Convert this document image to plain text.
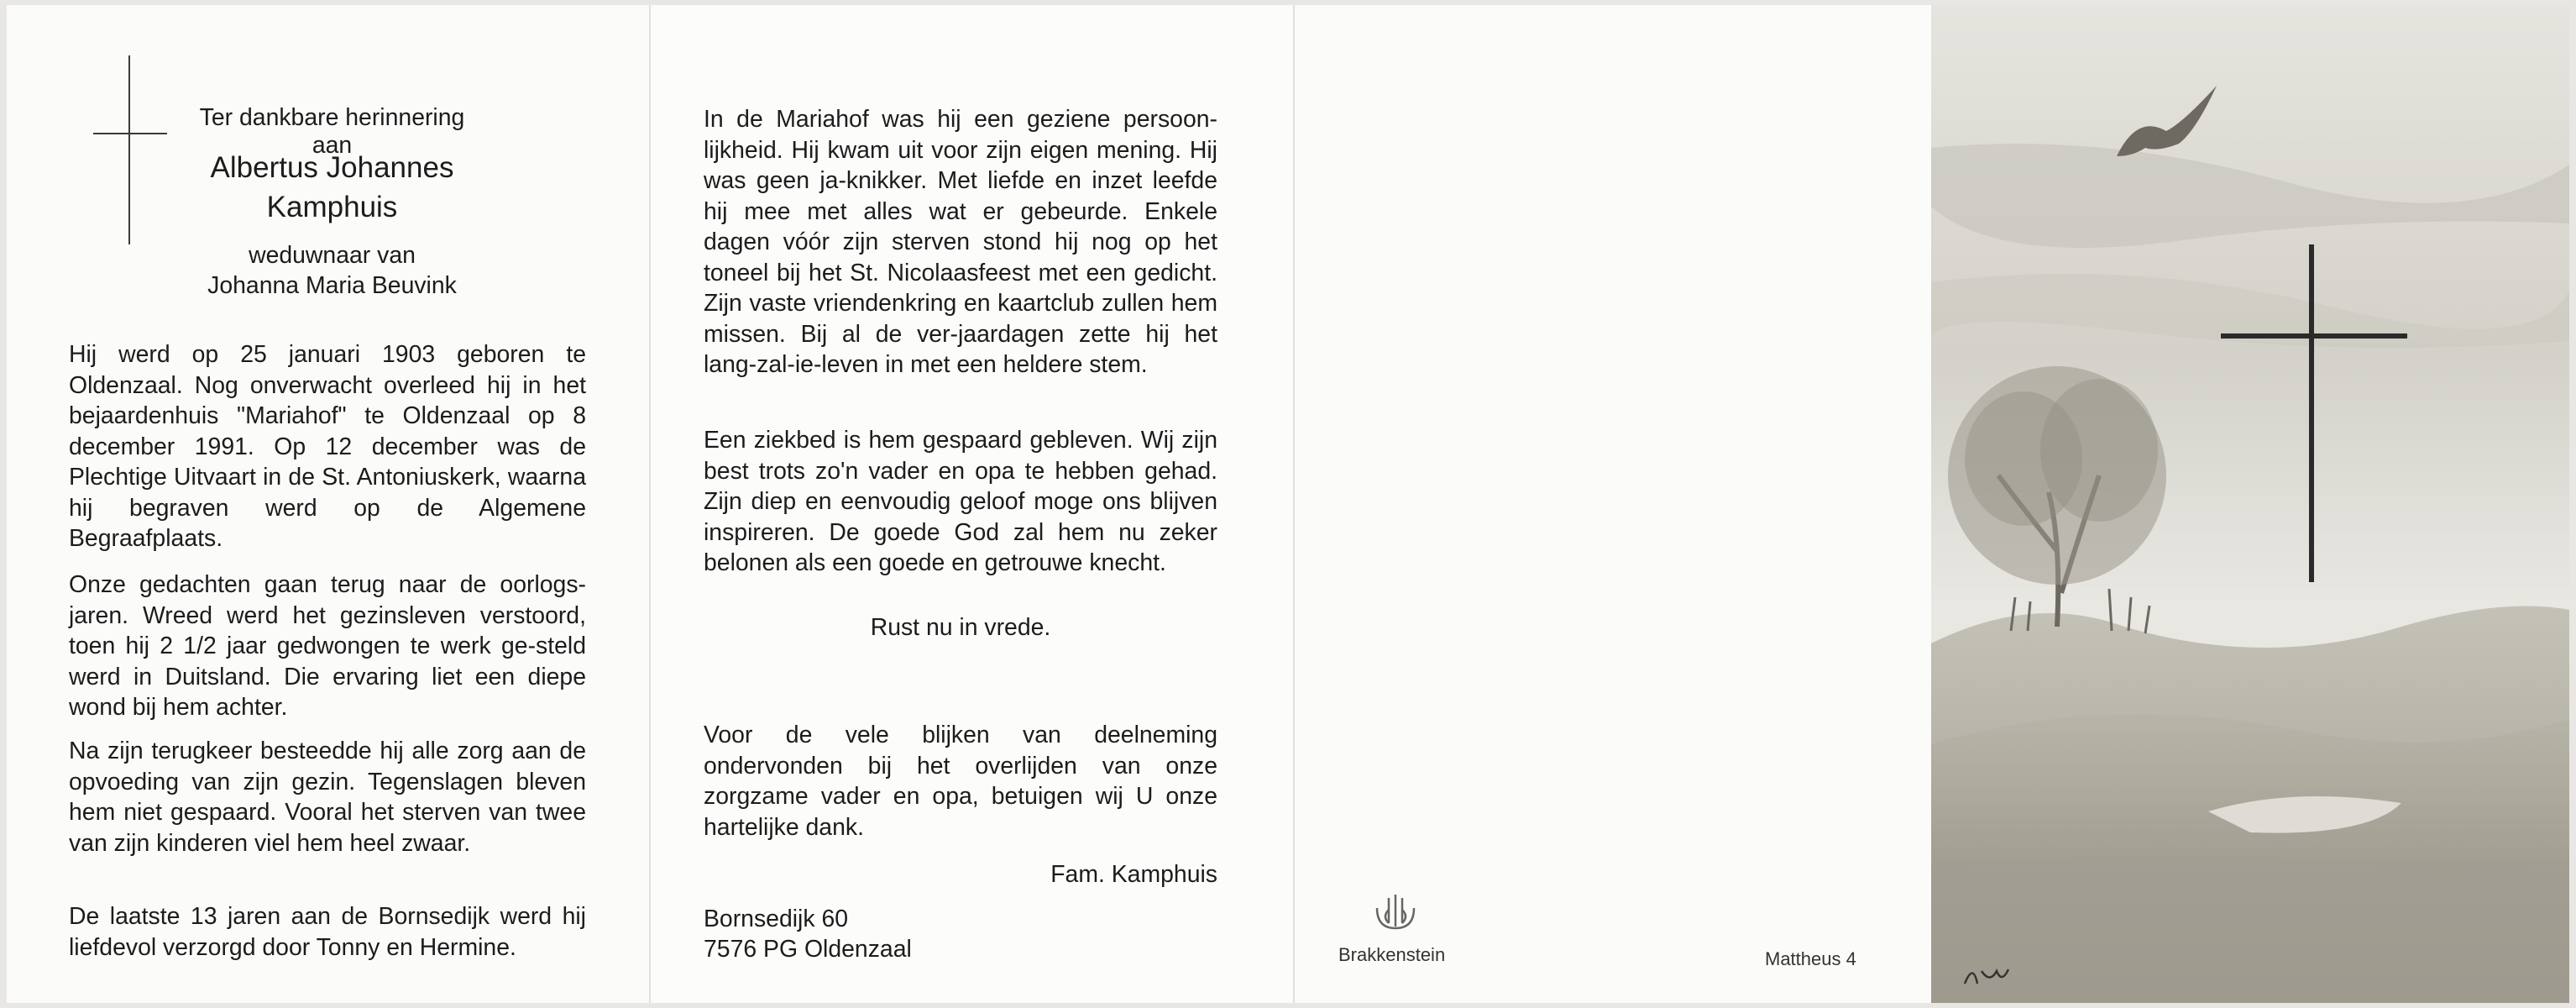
Ter dankbare herinnering aan
Albertus Johannes
Kamphuis
weduwnaar van
Johanna Maria Beuvink

Hij werd op 25 januari 1903 geboren te Oldenzaal. Nog onverwacht overleed hij in het bejaardenhuis "Mariahof" te Oldenzaal op 8 december 1991. Op 12 december was de Plechtige Uitvaart in de St. Antoniuskerk, waarna hij begraven werd op de Algemene Begraafplaats.

Onze gedachten gaan terug naar de oorlogs-jaren. Wreed werd het gezinsleven verstoord, toen hij 2 1/2 jaar gedwongen te werk ge-steld werd in Duitsland. Die ervaring liet een diepe wond bij hem achter.

Na zijn terugkeer besteedde hij alle zorg aan de opvoeding van zijn gezin. Tegenslagen bleven hem niet gespaard. Vooral het sterven van twee van zijn kinderen viel hem heel zwaar.

De laatste 13 jaren aan de Bornsedijk werd hij liefdevol verzorgd door Tonny en Hermine.

In de Mariahof was hij een geziene persoon-lijkheid. Hij kwam uit voor zijn eigen mening. Hij was geen ja-knikker. Met liefde en inzet leefde hij mee met alles wat er gebeurde. Enkele dagen vóór zijn sterven stond hij nog op het toneel bij het St. Nicolaasfeest met een gedicht. Zijn vaste vriendenkring en kaartclub zullen hem missen. Bij al de ver-jaardagen zette hij het lang-zal-ie-leven in met een heldere stem.

Een ziekbed is hem gespaard gebleven. Wij zijn best trots zo'n vader en opa te hebben gehad. Zijn diep en eenvoudig geloof moge ons blijven inspireren. De goede God zal hem nu zeker belonen als een goede en getrouwe knecht.

Rust nu in vrede.

Voor de vele blijken van deelneming ondervonden bij het overlijden van onze zorgzame vader en opa, betuigen wij U onze hartelijke dank.

Fam. Kamphuis
Bornsedijk 60
7576 PG Oldenzaal	Brakkenstein	Mattheus 4
